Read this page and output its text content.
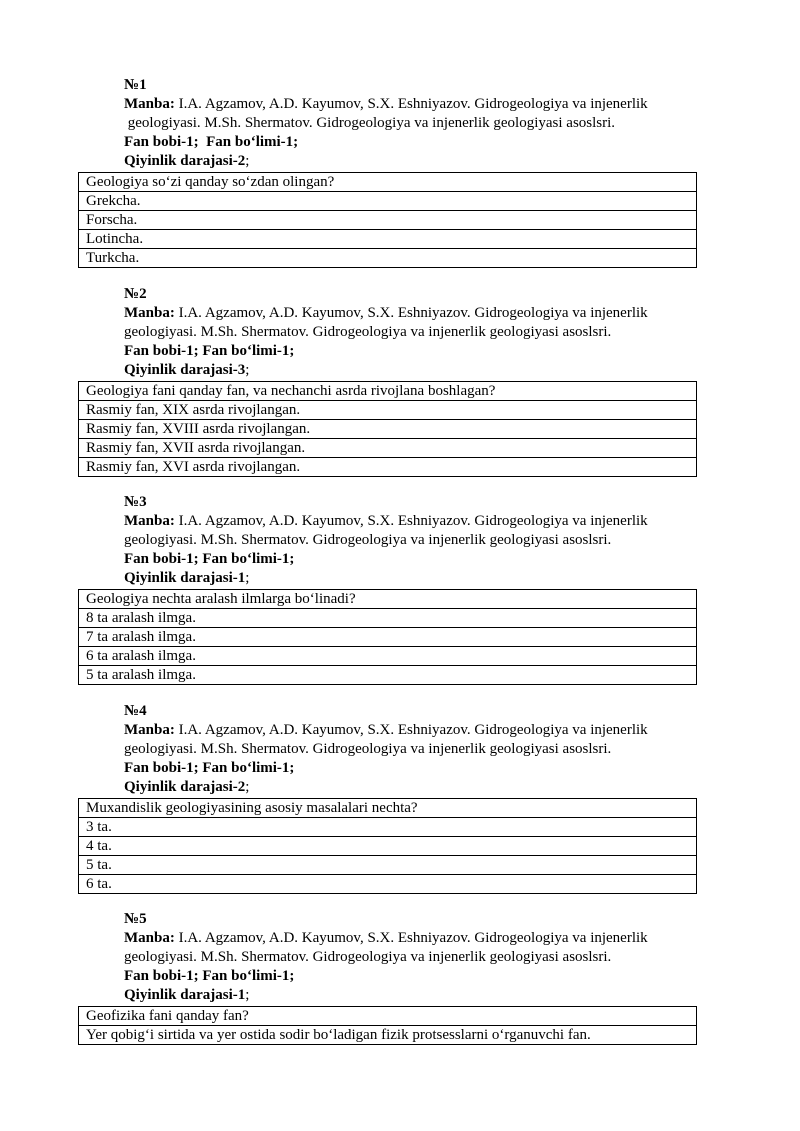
№1
Manba: I.A. Agzamov, A.D. Kayumov, S.X. Eshniyazov. Gidrogeologiya va injenerlik
geologiyasi. M.Sh. Shermatov. Gidrogeologiya va injenerlik geologiyasi asoslsri.
Fan bobi-1;  Fan bo‘limi-1;
Qiyinlik darajasi-2;
Geologiya so‘zi qanday so‘zdan olingan?
Grekcha.
Forscha.
Lotincha.
Turkcha.
№2
Manba: I.A. Agzamov, A.D. Kayumov, S.X. Eshniyazov. Gidrogeologiya va injenerlik
geologiyasi. M.Sh. Shermatov. Gidrogeologiya va injenerlik geologiyasi asoslsri.
Fan bobi-1; Fan bo‘limi-1;
Qiyinlik darajasi-3;
Geologiya fani qanday fan, va nechanchi asrda rivojlana boshlagan?
Rasmiy fan, XIX asrda rivojlangan.
Rasmiy fan, XVIII asrda rivojlangan.
Rasmiy fan, XVII asrda rivojlangan.
Rasmiy fan, XVI asrda rivojlangan.
№3
Manba: I.A. Agzamov, A.D. Kayumov, S.X. Eshniyazov. Gidrogeologiya va injenerlik
geologiyasi. M.Sh. Shermatov. Gidrogeologiya va injenerlik geologiyasi asoslsri.
Fan bobi-1; Fan bo‘limi-1;
Qiyinlik darajasi-1;
Geologiya nechta aralash ilmlarga bo‘linadi?
8 ta aralash ilmga.
7 ta aralash ilmga.
6 ta aralash ilmga.
5 ta aralash ilmga.
№4
Manba: I.A. Agzamov, A.D. Kayumov, S.X. Eshniyazov. Gidrogeologiya va injenerlik
geologiyasi. M.Sh. Shermatov. Gidrogeologiya va injenerlik geologiyasi asoslsri.
Fan bobi-1; Fan bo‘limi-1;
Qiyinlik darajasi-2;
Muxandislik geologiyasining asosiy masalalari nechta?
3 ta.
4 ta.
5 ta.
6 ta.
№5
Manba: I.A. Agzamov, A.D. Kayumov, S.X. Eshniyazov. Gidrogeologiya va injenerlik
geologiyasi. M.Sh. Shermatov. Gidrogeologiya va injenerlik geologiyasi asoslsri.
Fan bobi-1; Fan bo‘limi-1;
Qiyinlik darajasi-1;
Geofizika fani qanday fan?
Yer qobig‘i sirtida va yer ostida sodir bo‘ladigan fizik protsesslarni o‘rganuvchi fan.
